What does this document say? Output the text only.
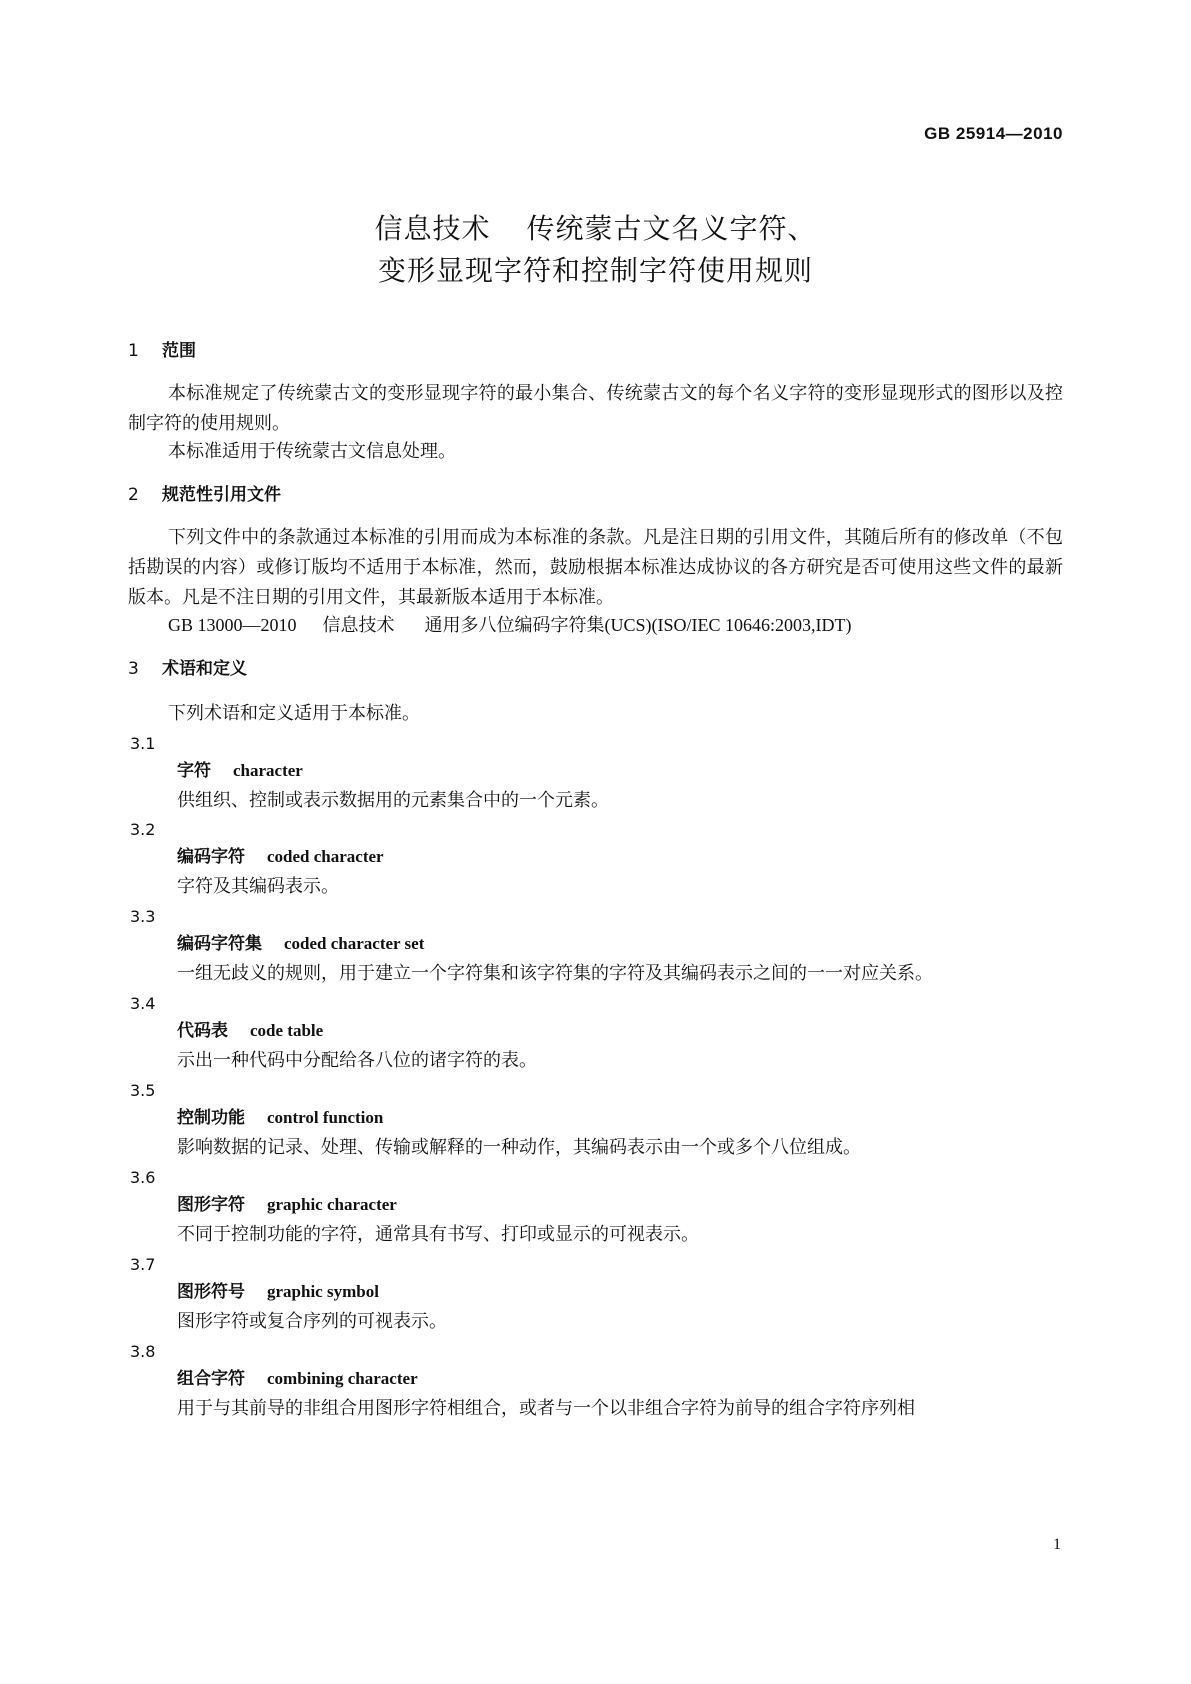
GB 25914—2010
信息技术 传统蒙古文名义字符、
变形显现字符和控制字符使用规则
1 范围
本标准规定了传统蒙古文的变形显现字符的最小集合、传统蒙古文的每个名义字符的变形显现形式的图形以及控制字符的使用规则。
本标准适用于传统蒙古文信息处理。
2 规范性引用文件
下列文件中的条款通过本标准的引用而成为本标准的条款。凡是注日期的引用文件，其随后所有的修改单（不包括勘误的内容）或修订版均不适用于本标准，然而，鼓励根据本标准达成协议的各方研究是否可使用这些文件的最新版本。凡是不注日期的引用文件，其最新版本适用于本标准。
GB 13000—2010 信息技术 通用多八位编码字符集(UCS)(ISO/IEC 10646:2003,IDT)
3 术语和定义
下列术语和定义适用于本标准。
3.1
字符 character
供组织、控制或表示数据用的元素集合中的一个元素。
3.2
编码字符 coded character
字符及其编码表示。
3.3
编码字符集 coded character set
一组无歧义的规则，用于建立一个字符集和该字符集的字符及其编码表示之间的一一对应关系。
3.4
代码表 code table
示出一种代码中分配给各八位的诸字符的表。
3.5
控制功能 control function
影响数据的记录、处理、传输或解释的一种动作，其编码表示由一个或多个八位组成。
3.6
图形字符 graphic character
不同于控制功能的字符，通常具有书写、打印或显示的可视表示。
3.7
图形符号 graphic symbol
图形字符或复合序列的可视表示。
3.8
组合字符 combining character
用于与其前导的非组合用图形字符相组合，或者与一个以非组合字符为前导的组合字符序列相
1
